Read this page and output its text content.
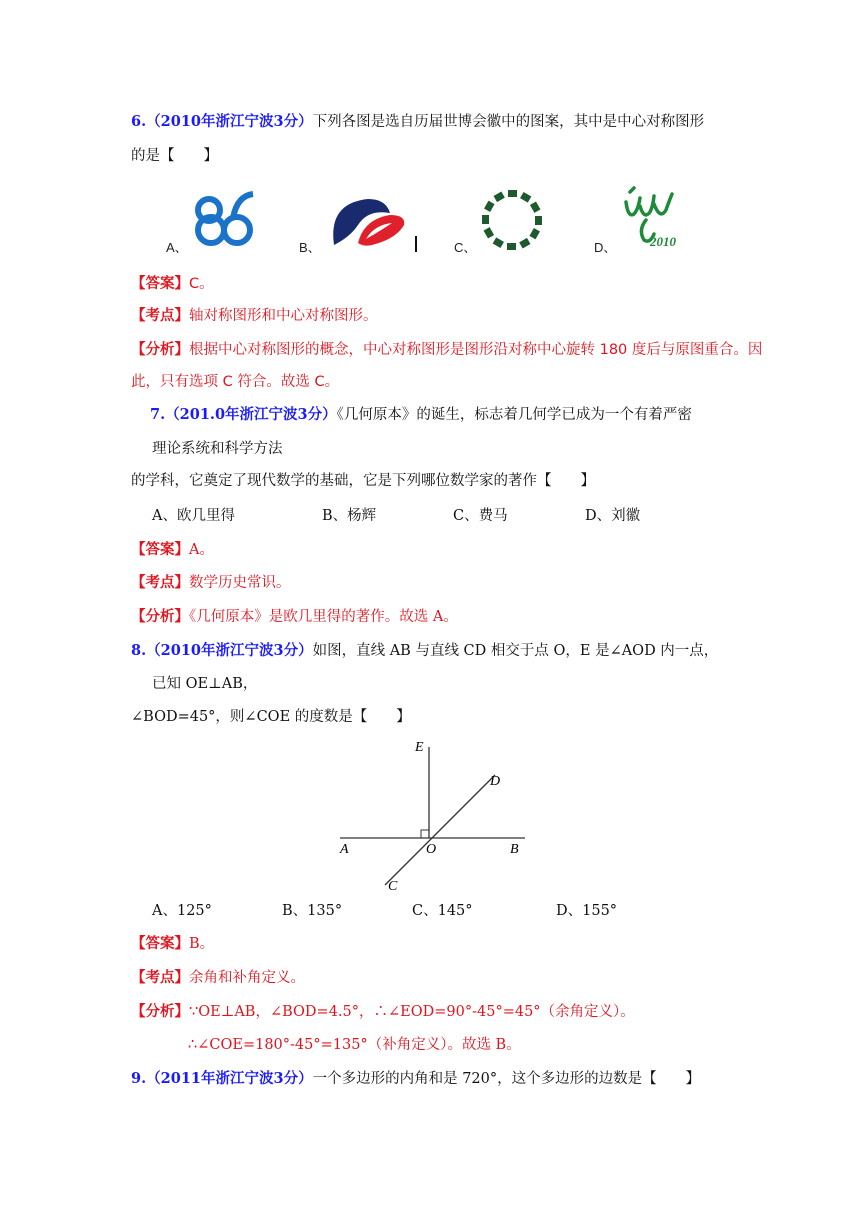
6.（2010年浙江宁波3分）下列各图是选自历届世博会徽中的图案，其中是中心对称图形
的是【　　】
A、	B、	C、	D、	2010
【答案】C。
【考点】轴对称图形和中心对称图形。
【分析】根据中心对称图形的概念，中心对称图形是图形沿对称中心旋转 180 度后与原图重合。因
此，只有选项 C 符合。故选 C。
7.（201.0年浙江宁波3分）《几何原本》的诞生，标志着几何学已成为一个有着严密
理论系统和科学方法
的学科，它奠定了现代数学的基础，它是下列哪位数学家的著作【　　】
A、欧几里得	B、杨辉	C、费马	D、刘徽
【答案】A。
【考点】数学历史常识。
【分析】《几何原本》是欧几里得的著作。故选 A。
8.（2010年浙江宁波3分）如图，直线 AB 与直线 CD 相交于点 O，E 是∠AOD 内一点，
已知 OE⊥AB，
∠BOD=45°，则∠COE 的度数是【　　】
E
D
A	O	B
C
A、125°	B、135°	C、145°	D、155°
【答案】B。
【考点】余角和补角定义。
【分析】∵OE⊥AB，∠BOD=4.5°，∴∠EOD=90°-45°=45°（余角定义）。
∴∠COE=180°-45°=135°（补角定义）。故选 B。
9.（2011年浙江宁波3分）一个多边形的内角和是 720°，这个多边形的边数是【　　】
